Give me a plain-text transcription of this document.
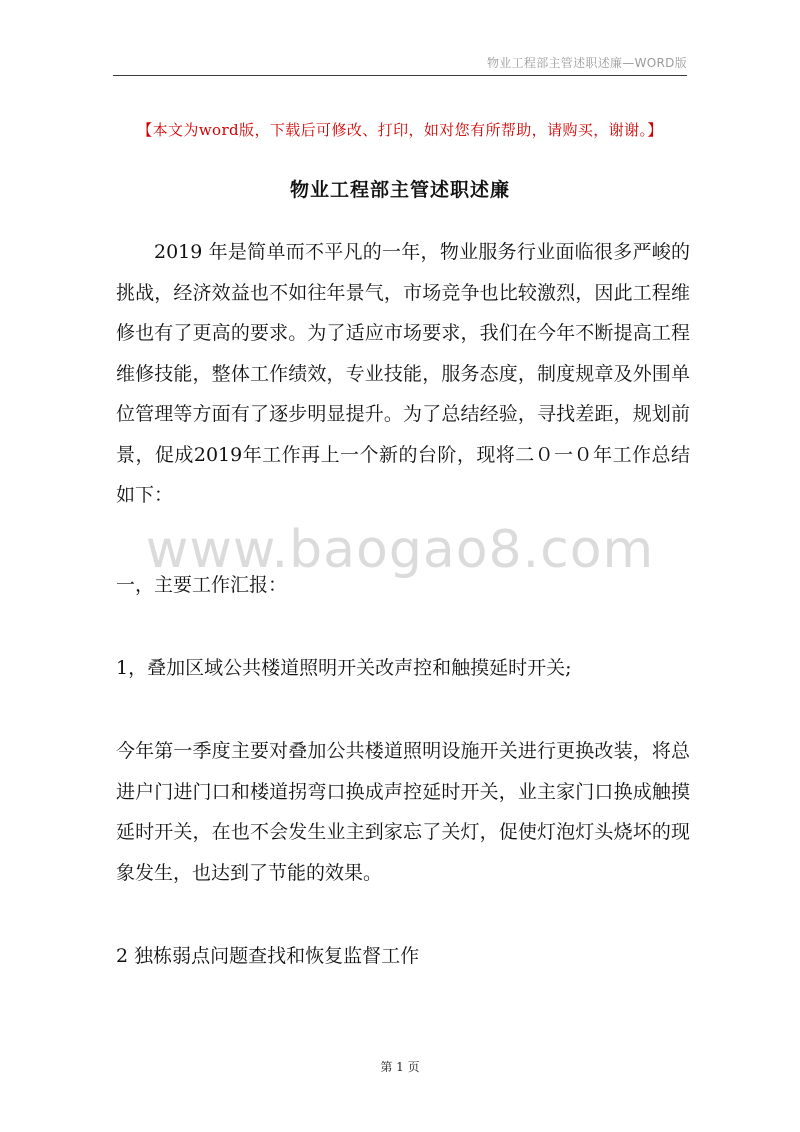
物业工程部主管述职述廉—WORD版
【本文为word版，下载后可修改、打印，如对您有所帮助，请购买，谢谢。】
物业工程部主管述职述廉

2019 年是简单而不平凡的一年，物业服务行业面临很多严峻的挑战，经济效益也不如往年景气，市场竞争也比较激烈，因此工程维修也有了更高的要求。为了适应市场要求，我们在今年不断提高工程维修技能，整体工作绩效，专业技能，服务态度，制度规章及外围单位管理等方面有了逐步明显提升。为了总结经验，寻找差距，规划前景，促成2019年工作再上一个新的台阶，现将二０一０年工作总结如下：

www.baogao8.com

一，主要工作汇报：

1，叠加区域公共楼道照明开关改声控和触摸延时开关;

今年第一季度主要对叠加公共楼道照明设施开关进行更换改装，将总进户门进门口和楼道拐弯口换成声控延时开关，业主家门口换成触摸延时开关，在也不会发生业主到家忘了关灯，促使灯泡灯头烧坏的现象发生，也达到了节能的效果。

2 独栋弱点问题查找和恢复监督工作

第 1 页
